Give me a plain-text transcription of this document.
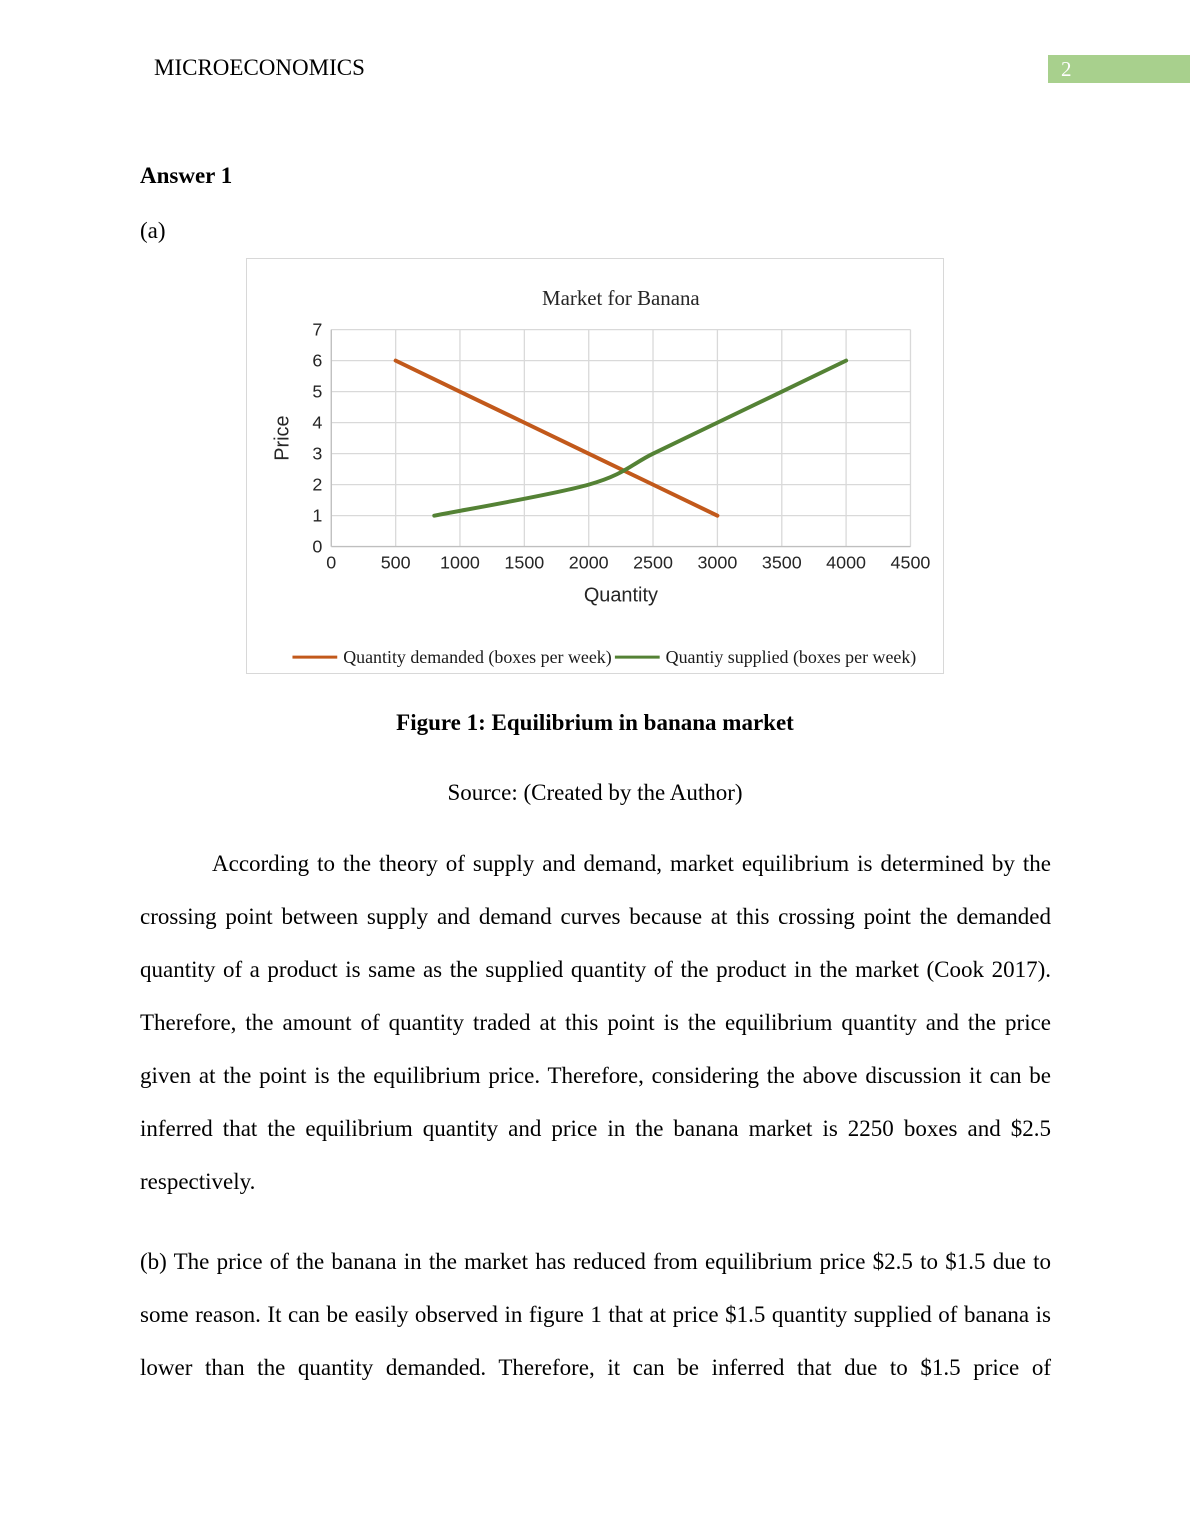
MICROECONOMICS	2
Answer 1
(a)
0
1
2
3
4
5
6
7
0 500 1000 1500 2000 2500 3000 3500 4000 4500
Market for Banana
Quantity
Price
Quantity demanded (boxes per week)	Quantiy supplied (boxes per week)
Figure 1: Equilibrium in banana market
Source: (Created by the Author)

According to the theory of supply and demand, market equilibrium is determined by the crossing point between supply and demand curves because at this crossing point the demanded quantity of a product is same as the supplied quantity of the product in the market (Cook 2017). Therefore, the amount of quantity traded at this point is the equilibrium quantity and the price given at the point is the equilibrium price. Therefore, considering the above discussion it can be inferred that the equilibrium quantity and price in the banana market is 2250 boxes and $2.5 respectively.

(b) The price of the banana in the market has reduced from equilibrium price $2.5 to $1.5 due to some reason. It can be easily observed in figure 1 that at price $1.5 quantity supplied of banana is lower than the quantity demanded. Therefore, it can be inferred that due to $1.5 price of
